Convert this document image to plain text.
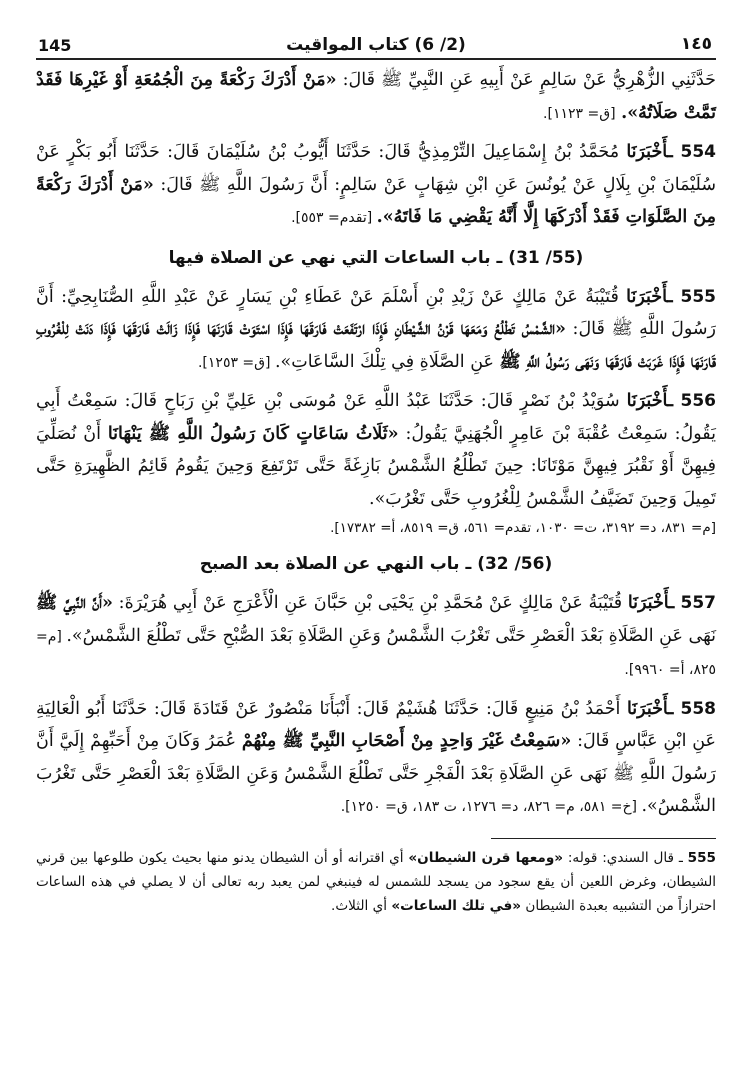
145	(2/ 6) كتاب المواقيت	١٤٥

حَدَّثَنِي الزُّهْرِيُّ عَنْ سَالِمٍ عَنْ أَبِيهِ عَنِ النَّبِيِّ ﷺ قَالَ: «مَنْ أَدْرَكَ رَكْعَةً مِنَ الْجُمُعَةِ أَوْ غَيْرِهَا فَقَدْ تَمَّتْ صَلَاتُهُ». [ق= ١١٢٣].

554 ـأَخْبَرَنَا مُحَمَّدُ بْنُ إِسْمَاعِيلَ التِّرْمِذِيُّ قَالَ: حَدَّثَنَا أَيُّوبُ بْنُ سُلَيْمَانَ قَالَ: حَدَّثَنَا أَبُو بَكْرٍ عَنْ سُلَيْمَانَ بْنِ بِلَالٍ عَنْ يُونُسَ عَنِ ابْنِ شِهَابٍ عَنْ سَالِمٍ: أَنَّ رَسُولَ اللَّهِ ﷺ قَالَ: «مَنْ أَدْرَكَ رَكْعَةً مِنَ الصَّلَوَاتِ فَقَدْ أَدْرَكَهَا إِلَّا أَنَّهُ يَقْضِي مَا فَاتَهُ». [تقدم= ٥٥٣].

(55/ 31) ـ باب الساعات التي نهي عن الصلاة فيها

555 ـأَخْبَرَنَا قُتَيْبَةُ عَنْ مَالِكٍ عَنْ زَيْدِ بْنِ أَسْلَمَ عَنْ عَطَاءِ بْنِ يَسَارٍ عَنْ عَبْدِ اللَّهِ الصُّنَابِحِيِّ: أَنَّ رَسُولَ اللَّهِ ﷺ قَالَ: «الشَّمْسُ تَطْلُعُ وَمَعَهَا قَرْنُ الشَّيْطَانِ فَإِذَا ارْتَفَعَتْ فَارَقَهَا فَإِذَا اسْتَوَتْ قَارَنَهَا فَإِذَا زَالَتْ فَارَقَهَا فَإِذَا دَنَتْ لِلْغُرُوبِ قَارَنَهَا فَإِذَا غَرَبَتْ فَارَقَهَا وَنَهَى رَسُولُ اللَّهِ ﷺ عَنِ الصَّلَاةِ فِي تِلْكَ السَّاعَاتِ». [ق= ١٢٥٣].

556 ـأَخْبَرَنَا سُوَيْدُ بْنُ نَصْرٍ قَالَ: حَدَّثَنَا عَبْدُ اللَّهِ عَنْ مُوسَى بْنِ عَلِيِّ بْنِ رَبَاحٍ قَالَ: سَمِعْتُ أَبِي يَقُولُ: سَمِعْتُ عُقْبَةَ بْنَ عَامِرٍ الْجُهَنِيَّ يَقُولُ: «ثَلَاثُ سَاعَاتٍ كَانَ رَسُولُ اللَّهِ ﷺ يَنْهَانَا أَنْ نُصَلِّيَ فِيهِنَّ أَوْ نَقْبُرَ فِيهِنَّ مَوْتَانَا: حِينَ تَطْلُعُ الشَّمْسُ بَازِغَةً حَتَّى تَرْتَفِعَ وَحِينَ يَقُومُ قَائِمُ الظَّهِيرَةِ حَتَّى تَمِيلَ وَحِينَ تَضَيَّفُ الشَّمْسُ لِلْغُرُوبِ حَتَّى تَغْرُبَ».

[م= ٨٣١، د= ٣١٩٢، ت= ١٠٣٠، تقدم= ٥٦١، ق= ٨٥١٩، أ= ١٧٣٨٢].

(56/ 32) ـ باب النهي عن الصلاة بعد الصبح

557 ـأَخْبَرَنَا قُتَيْبَةُ عَنْ مَالِكٍ عَنْ مُحَمَّدِ بْنِ يَحْيَى بْنِ حَبَّانَ عَنِ الْأَعْرَجِ عَنْ أَبِي هُرَيْرَةَ: «أَنَّ النَّبِيَّ ﷺ نَهَى عَنِ الصَّلَاةِ بَعْدَ الْعَصْرِ حَتَّى تَغْرُبَ الشَّمْسُ وَعَنِ الصَّلَاةِ بَعْدَ الصُّبْحِ حَتَّى تَطْلُعَ الشَّمْسُ». [م= ٨٢٥، أ= ٩٩٦٠].

558 ـأَخْبَرَنَا أَحْمَدُ بْنُ مَنِيعٍ قَالَ: حَدَّثَنَا هُشَيْمٌ قَالَ: أَنْبَأَنَا مَنْصُورٌ عَنْ قَتَادَةَ قَالَ: حَدَّثَنَا أَبُو الْعَالِيَةِ عَنِ ابْنِ عَبَّاسٍ قَالَ: «سَمِعْتُ غَيْرَ وَاحِدٍ مِنْ أَصْحَابِ النَّبِيِّ ﷺ مِنْهُمْ عُمَرُ وَكَانَ مِنْ أَحَبِّهِمْ إِلَيَّ أَنَّ رَسُولَ اللَّهِ ﷺ نَهَى عَنِ الصَّلَاةِ بَعْدَ الْفَجْرِ حَتَّى تَطْلُعَ الشَّمْسُ وَعَنِ الصَّلَاةِ بَعْدَ الْعَصْرِ حَتَّى تَغْرُبَ الشَّمْسُ». [خ= ٥٨١، م= ٨٢٦، د= ١٢٧٦، ت ١٨٣، ق= ١٢٥٠].

555 ـ قال السندي: قوله: «ومعها قرن الشيطان» أي اقترانه أو أن الشيطان يدنو منها بحيث يكون طلوعها بين قرني الشيطان، وغرض اللعين أن يقع سجود من يسجد للشمس له فينبغي لمن يعبد ربه تعالى أن لا يصلي في هذه الساعات احترازاً من التشبيه بعبدة الشيطان «في تلك الساعات» أي الثلاث.
